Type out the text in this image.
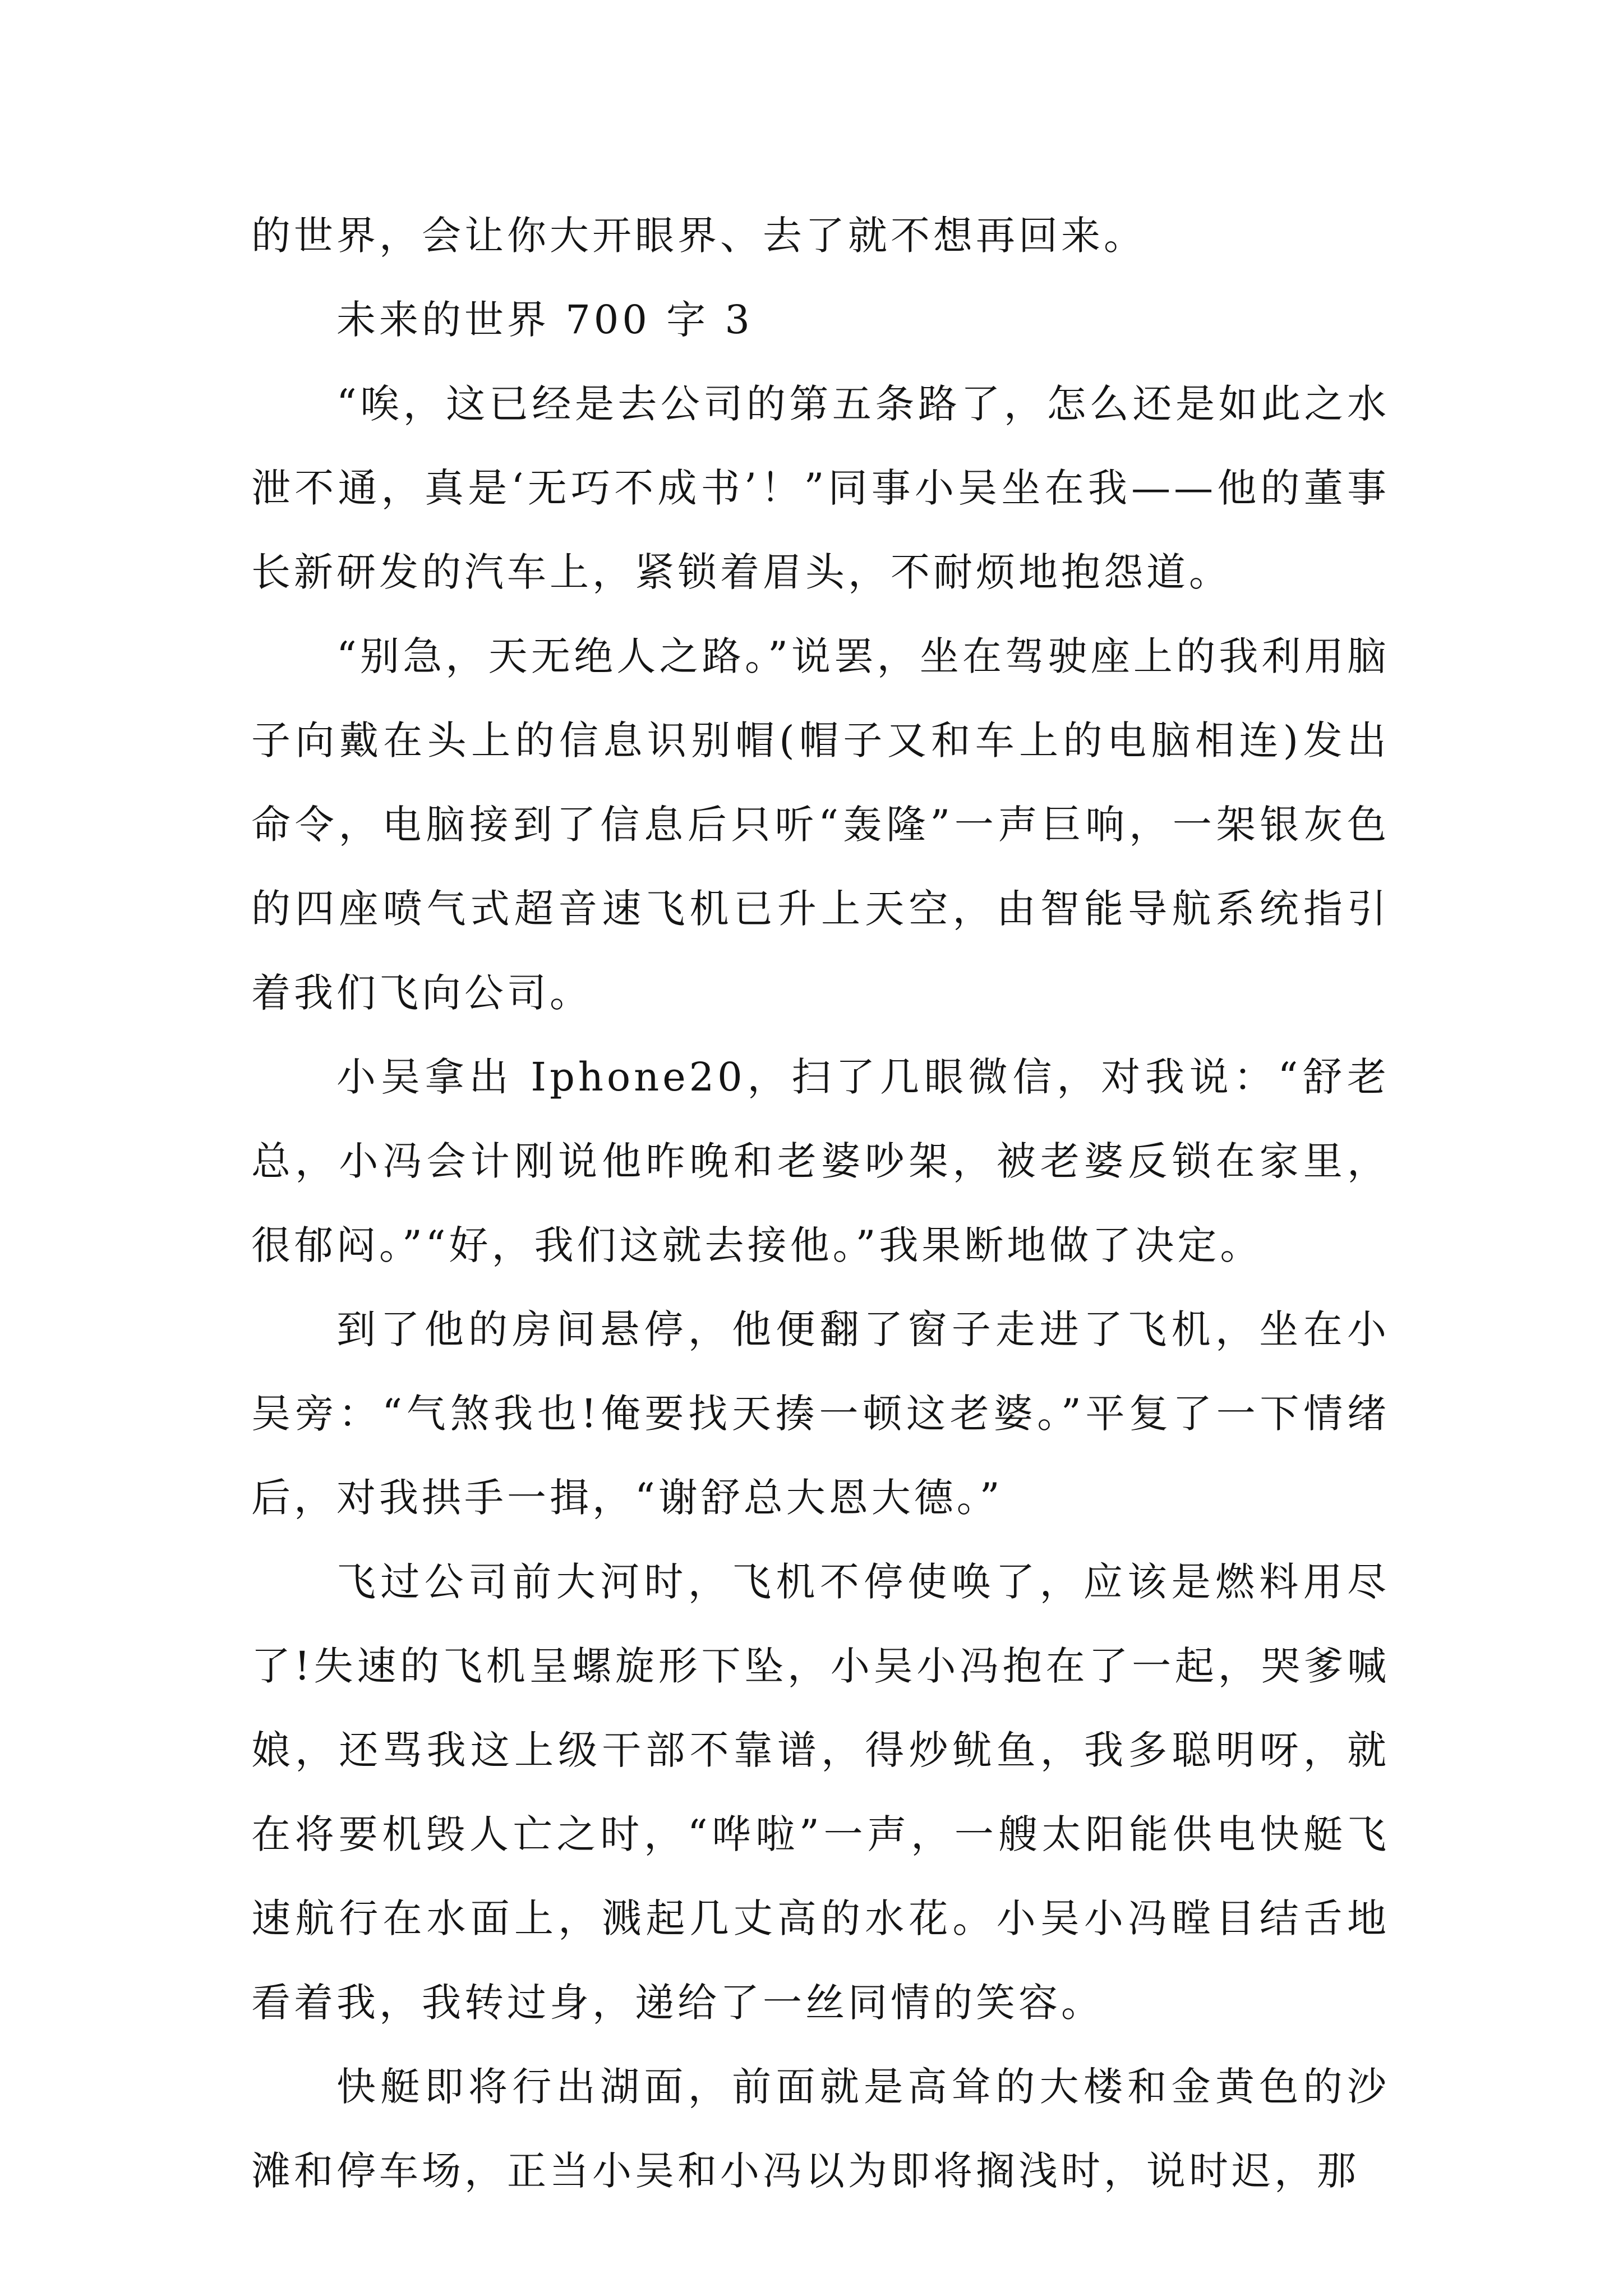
的世界，会让你大开眼界、去了就不想再回来。

未来的世界 700 字 3

“唉，这已经是去公司的第五条路了，怎么还是如此之水泄不通，真是‘无巧不成书’！”同事小吴坐在我——他的董事长新研发的汽车上，紧锁着眉头，不耐烦地抱怨道。

“别急，天无绝人之路。”说罢，坐在驾驶座上的我利用脑子向戴在头上的信息识别帽(帽子又和车上的电脑相连)发出命令，电脑接到了信息后只听“轰隆”一声巨响，一架银灰色的四座喷气式超音速飞机已升上天空，由智能导航系统指引着我们飞向公司。

小吴拿出 Iphone20，扫了几眼微信，对我说：“舒老总，小冯会计刚说他昨晚和老婆吵架，被老婆反锁在家里，很郁闷。”“好，我们这就去接他。”我果断地做了决定。

到了他的房间悬停，他便翻了窗子走进了飞机，坐在小吴旁：“气煞我也!俺要找天揍一顿这老婆。”平复了一下情绪后，对我拱手一揖，“谢舒总大恩大德。”

飞过公司前大河时，飞机不停使唤了，应该是燃料用尽了!失速的飞机呈螺旋形下坠，小吴小冯抱在了一起，哭爹喊娘，还骂我这上级干部不靠谱，得炒鱿鱼，我多聪明呀，就在将要机毁人亡之时，“哗啦”一声，一艘太阳能供电快艇飞速航行在水面上，溅起几丈高的水花。小吴小冯瞠目结舌地看着我，我转过身，递给了一丝同情的笑容。

快艇即将行出湖面，前面就是高耸的大楼和金黄色的沙滩和停车场，正当小吴和小冯以为即将搁浅时，说时迟，那
